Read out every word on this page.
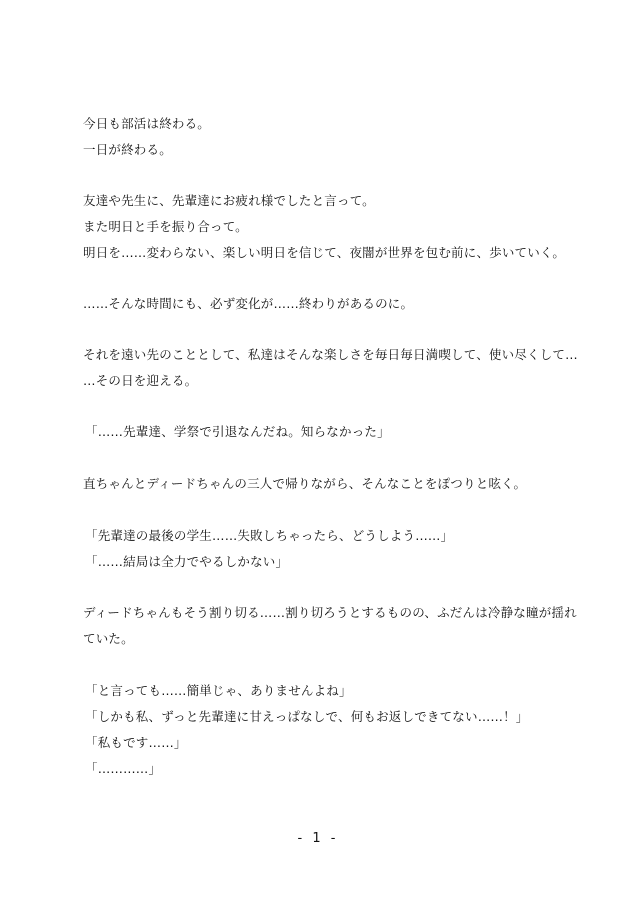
今日も部活は終わる。
一日が終わる。
友達や先生に、先輩達にお疲れ様でしたと言って。
また明日と手を振り合って。
明日を……変わらない、楽しい明日を信じて、夜闇が世界を包む前に、歩いていく。
……そんな時間にも、必ず変化が……終わりがあるのに。
それを遠い先のこととして、私達はそんな楽しさを毎日毎日満喫して、使い尽くして…
…その日を迎える。
「……先輩達、学祭で引退なんだね。知らなかった」
直ちゃんとディードちゃんの三人で帰りながら、そんなことをぽつりと呟く。
「先輩達の最後の学生……失敗しちゃったら、どうしよう……」
「……結局は全力でやるしかない」
ディードちゃんもそう割り切る……割り切ろうとするものの、ふだんは冷静な瞳が揺れ
ていた。
「と言っても……簡単じゃ、ありませんよね」
「しかも私、ずっと先輩達に甘えっぱなしで、何もお返しできてない……！」
「私もです……」
「…………」
- 1 -
